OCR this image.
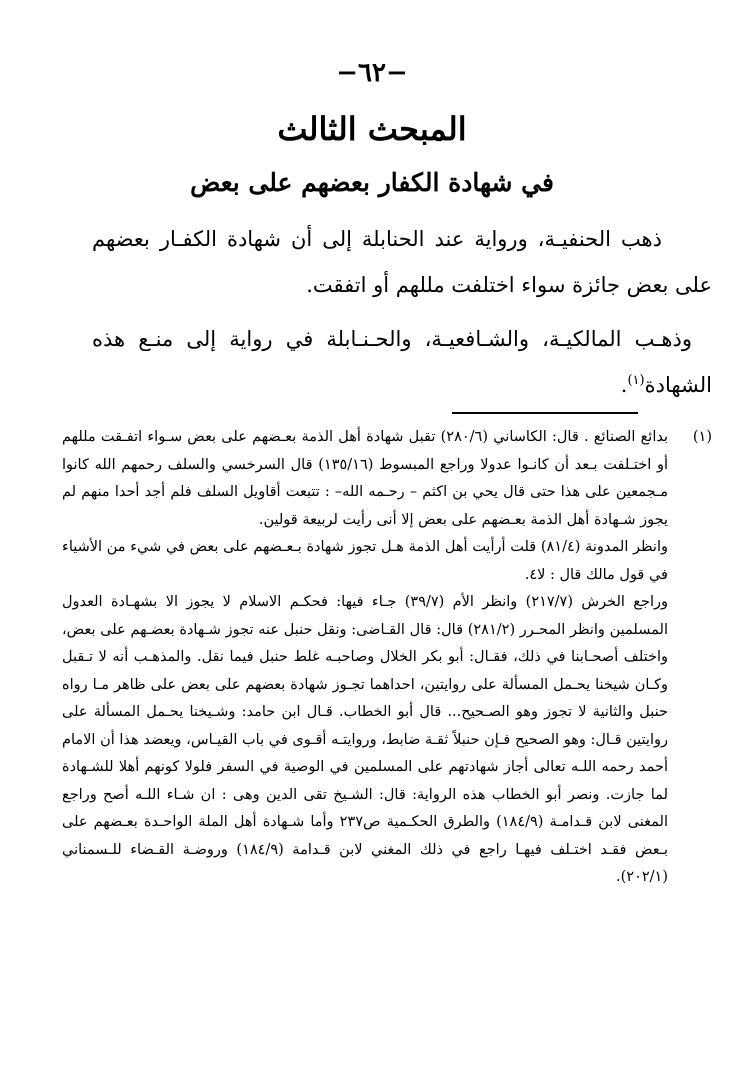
−٦٢−
المبحث الثالث
في شهادة الكفار بعضهم على بعض

ذهب الحنفيـة، ورواية عند الحنابلة إلى أن شهادة الكفـار بعضهم على بعض جائزة سواء اختلفت مللهم أو اتفقت.

وذهـب المالكيـة، والشـافعيـة، والحـنـابلة في رواية إلى منـع هذه الشهادة$^{(١)}$.

(١)

بدائع الصنائع . قال: الكاساني (٢٨٠/٦) تقبل شهادة أهل الذمة بعـضهم على بعض سـواء اتفـقت مللهم أو اختـلفت بـعد أن كانـوا عدولا وراجع المبسوط (١٣٥/١٦) قال السرخسي والسلف رحمهم الله كانوا مـجمعين على هذا حتى قال يحي بن اكثم – رحـمه الله– : تتبعت أقاويل السلف فلم أجد أحدا منهم لم يجوز شـهادة أهل الذمة بعـضهم على بعض إلا أنى رأيت لربيعة قولين.

وانظر المدونة (٨١/٤) قلت أرأيت أهل الذمة هـل تجوز شهادة بـعـضهم على بعض في شيء من الأشياء في قول مالك قال : لا٤.

وراجع الخرش (٢١٧/٧) وانظر الأم (٣٩/٧) جـاء فيها: فحكـم الاسلام لا يجوز الا بشهـادة العدول المسلمين وانظر المحـرر (٢٨١/٢) قال: قال القـاضى: ونقل حنبل عنه تجوز شـهادة بعضـهم على بعض، واختلف أصحـابنا في ذلك، فقـال: أبو بكر الخلال وصاحبـه غلط حنبل فيما نقل. والمذهـب أنه لا تـقبل وكـان شيخنا يحـمل المسألة على روايتين، احداهما تجـوز شهادة بعضهم على بعض على ظاهر مـا رواه حنبل والثانية لا تجوز وهو الصـحيح... قال أبو الخطاب. قـال ابن حامد: وشـيخنا يحـمل المسألة على روايتين قـال: وهو الصحيح فـإن حنبلاً ثقـة ضابط، وروايتـه أقـوى في باب القيـاس، ويعضد هذا أن الامام أحمد رحمه اللـه تعالى أجاز شهادتهم على المسلمين في الوصية في السفر فلولا كونهم أهلا للشـهادة لما جازت. ونصر أبو الخطاب هذه الرواية: قال: الشـيخ تقى الدين وهى : ان شـاء اللـه أصح وراجع المغنى لابن قـدامـة (١٨٤/٩) والطرق الحكـمية ص٢٣٧ وأما شـهادة أهل الملة الواحـدة بعـضهم على بـعض فقـد اختـلف فيهـا راجع في ذلك المغني لابن قـدامة (١٨٤/٩) وروضـة القـضاء للـسمناني (٢٠٢/١).
